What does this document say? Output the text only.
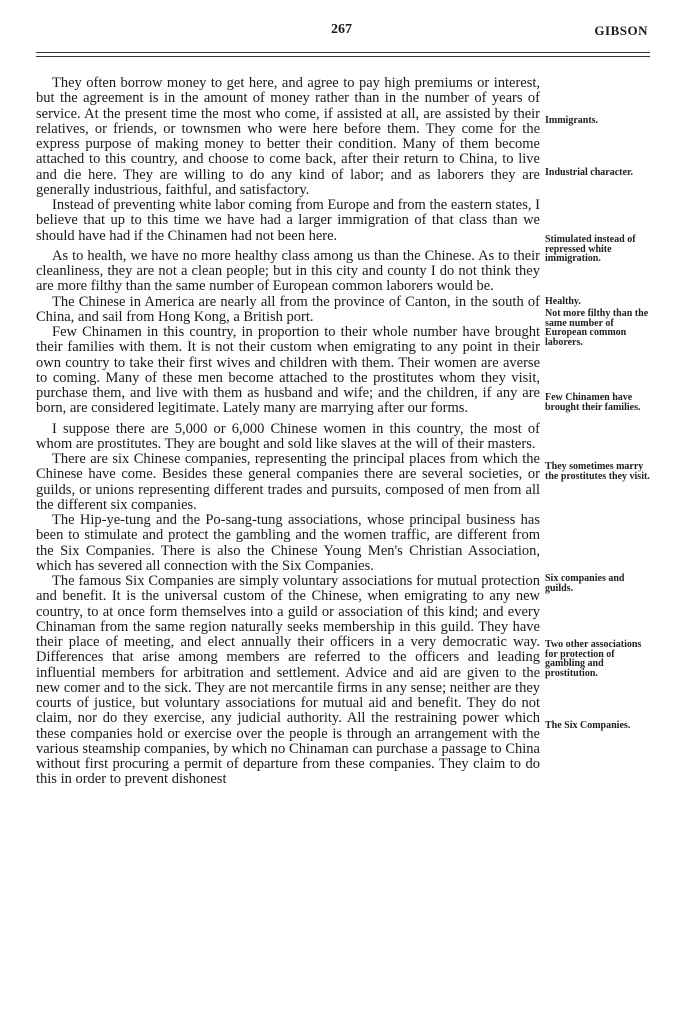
267	GIBSON

They often borrow money to get here, and agree to pay high premiums or interest, but the agreement is in the amount of money rather than in the number of years of service. At the present time the most who come, if assisted at all, are assisted by their relatives, or friends, or townsmen who were here before them. They come for the express purpose of making money to better their condition. Many of them become attached to this country, and choose to come back, after their return to China, to live and die here. They are willing to do any kind of labor; and as laborers they are generally industrious, faithful, and satisfactory.

Instead of preventing white labor coming from Europe and from the eastern states, I believe that up to this time we have had a larger immigration of that class than we should have had if the Chinamen had not been here.

As to health, we have no more healthy class among us than the Chinese. As to their cleanliness, they are not a clean people; but in this city and county I do not think they are more filthy than the same number of European common laborers would be.

The Chinese in America are nearly all from the province of Canton, in the south of China, and sail from Hong Kong, a British port.

Few Chinamen in this country, in proportion to their whole number have brought their families with them. It is not their custom when emigrating to any point in their own country to take their first wives and children with them. Their women are averse to coming. Many of these men become attached to the prostitutes whom they visit, purchase them, and live with them as husband and wife; and the children, if any are born, are considered legitimate. Lately many are marrying after our forms.

I suppose there are 5,000 or 6,000 Chinese women in this country, the most of whom are prostitutes. They are bought and sold like slaves at the will of their masters.

There are six Chinese companies, representing the principal places from which the Chinese have come. Besides these general companies there are several societies, or guilds, or unions representing different trades and pursuits, composed of men from all the different six companies.

The Hip-ye-tung and the Po-sang-tung associations, whose principal business has been to stimulate and protect the gambling and the women traffic, are different from the Six Companies. There is also the Chinese Young Men's Christian Association, which has severed all connection with the Six Companies.

The famous Six Companies are simply voluntary associations for mutual protection and benefit. It is the universal custom of the Chinese, when emigrating to any new country, to at once form themselves into a guild or association of this kind; and every Chinaman from the same region naturally seeks membership in this guild. They have their place of meeting, and elect annually their officers in a very democratic way. Differences that arise among members are referred to the officers and leading influential members for arbitration and settlement. Advice and aid are given to the new comer and to the sick. They are not mercantile firms in any sense; neither are they courts of justice, but voluntary associations for mutual aid and benefit. They do not claim, nor do they exercise, any judicial authority. All the restraining power which these companies hold or exercise over the people is through an arrangement with the various steamship companies, by which no Chinaman can purchase a passage to China without first procuring a permit of departure from these companies. They claim to do this in order to prevent dishonest

Immigrants.
Industrial character.
Stimulated instead of repressed white immigration.
Healthy.
Not more filthy than the same number of European common laborers.
Few Chinamen have brought their families.
They sometimes marry the prostitutes they visit.
Six companies and guilds.
Two other associations for protection of gambling and prostitution.
The Six Companies.
